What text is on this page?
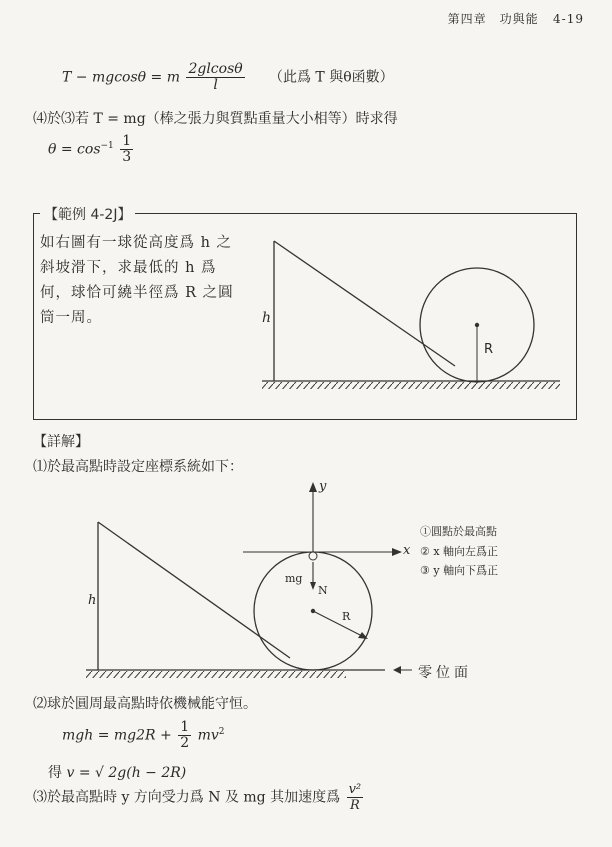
第四章　功與能 4-19
T − mgcosθ = m $\frac{2glcos\theta}{l}$ （此爲 T 與θ函數）
⑷於⑶若 T = mg（棒之張力與質點重量大小相等）時求得
$\theta = \cos^{-1} \frac{1}{3}$
【範例 4-2J】
如右圖有一球從高度爲 h 之
斜坡滑下，求最低的 h 爲
何，球恰可繞半徑爲 R 之圓
筒一周。	h
R
【詳解】
⑴於最高點時設定座標系統如下：
y
x
h
mg
N
R
①圓點於最高點
② x 軸向左爲正
③ y 軸向下爲正
零位面
⑵球於圓周最高點時依機械能守恒。
mgh = $mg2R + \frac{1}{2} mv^2$
得 v = √ 2g(h − 2R)
⑶於最高點時 y 方向受力爲 N 及 mg 其加速度爲 $\frac{\text{v²}}{R}$
